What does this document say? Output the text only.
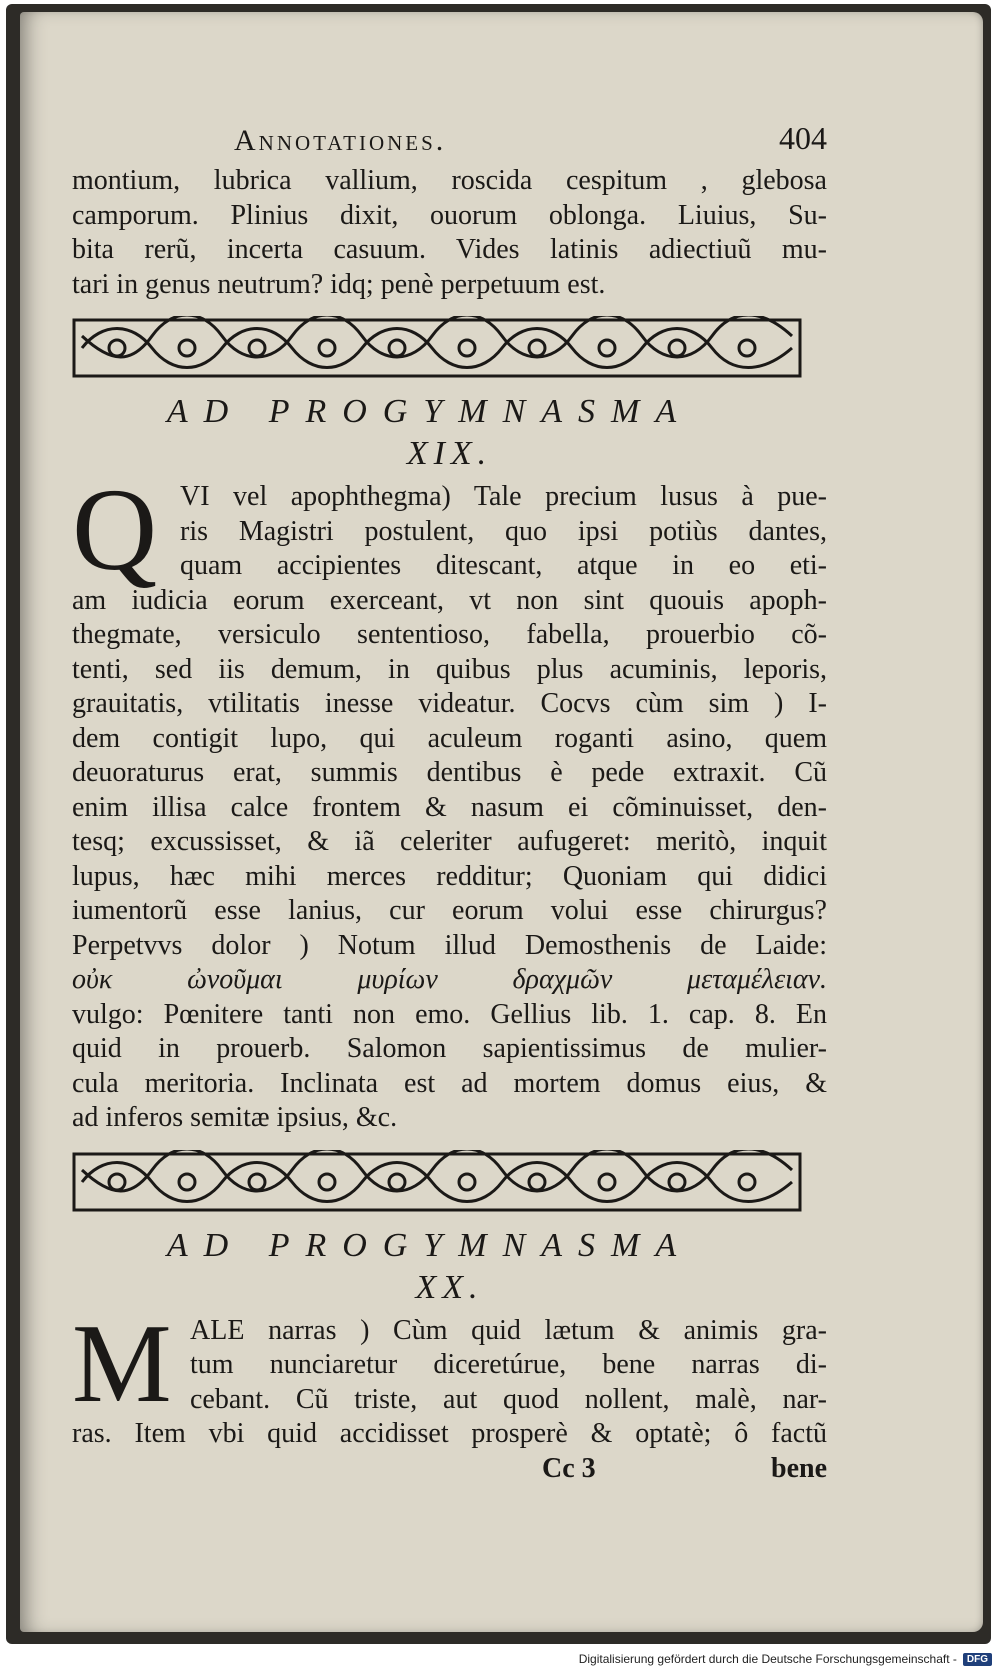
Annotationes.	404
montium, lubrica vallium, roscida cespitum , glebosa
camporum. Plinius dixit, ouorum oblonga. Liuius, Su-
bita rerũ, incerta casuum. Vides latinis adiectiuũ mu-
tari in genus neutrum? idq; penè perpetuum est.
AD PROGYMNASMA
XIX.
Q VI vel apophthegma) Tale precium lusus à pue-
ris Magistri postulent, quo ipsi potiùs dantes,
quam accipientes ditescant, atque in eo eti-
am iudicia eorum exerceant, vt non sint quouis apoph-
thegmate, versiculo sententioso, fabella, prouerbio cõ-
tenti, sed iis demum, in quibus plus acuminis, leporis,
grauitatis, vtilitatis inesse videatur. Cocvs cùm sim ) I-
dem contigit lupo, qui aculeum roganti asino, quem
deuoraturus erat, summis dentibus è pede extraxit. Cũ
enim illisa calce frontem & nasum ei cõminuisset, den-
tesq; excussisset, & iã celeriter aufugeret: meritò, inquit
lupus, hæc mihi merces redditur; Quoniam qui didici
iumentorũ esse lanius, cur eorum volui esse chirurgus?
Perpetvvs dolor ) Notum illud Demosthenis de Laide:
οὐκ ὠνοῦμαι μυρίων δραχμῶν μεταμέλειαν.
vulgo: Pœnitere tanti non emo. Gellius lib. 1. cap. 8. En
quid in prouerb. Salomon sapientissimus de mulier-
cula meritoria. Inclinata est ad mortem domus eius, &
ad inferos semitæ ipsius, &c.
AD PROGYMNASMA
XX.
M ALE narras ) Cùm quid lætum & animis gra-
tum nunciaretur diceretúrue, bene narras di-
cebant. Cũ triste, aut quod nollent, malè, nar-
ras. Item vbi quid accidisset prosperè & optatè; ô factũ
Cc 3	bene
Digitalisierung gefördert durch die Deutsche Forschungsgemeinschaft -	DFG
